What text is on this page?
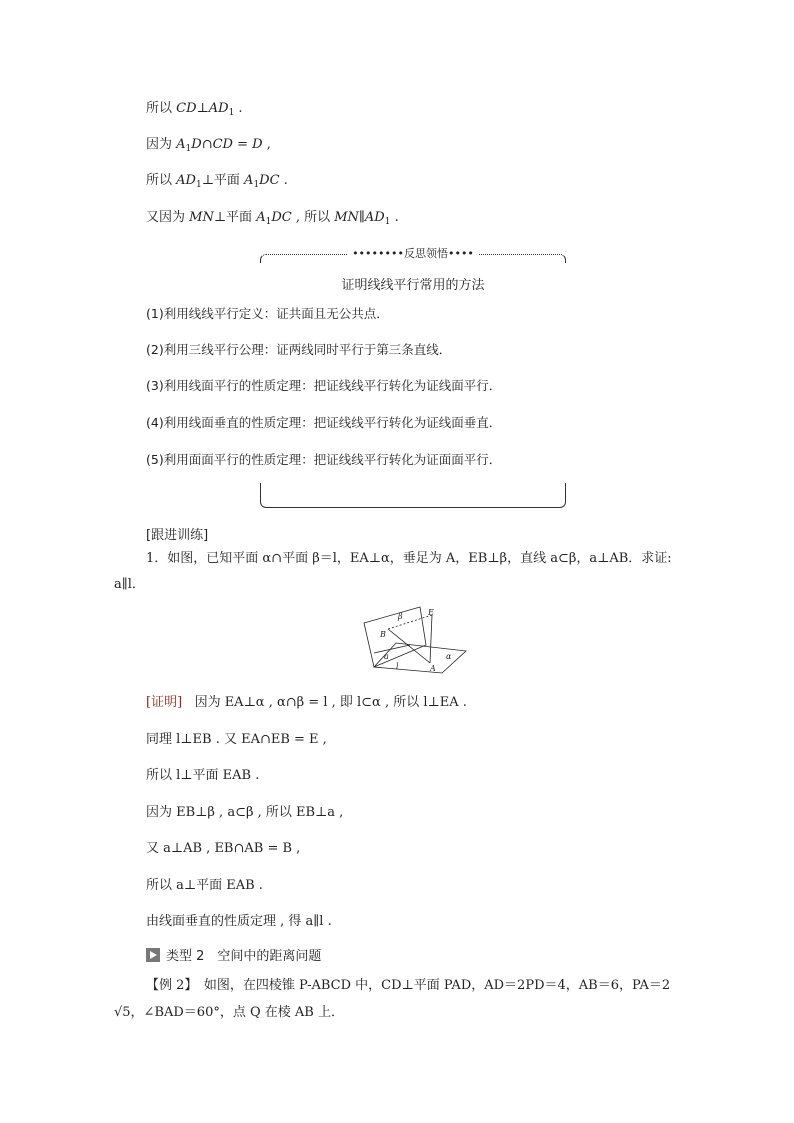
所以 $CD\perp AD_1$ .
因为 $A_1D\cap CD = D$ ,
所以 $AD_1\perp$平面 $A_1DC$ .
又因为 MN⊥平面 $A_1DC$ , 所以 $MN\parallel AD_1$ .
••••••••反思领悟••••
证明线线平行常用的方法
(1)利用线线平行定义：证共面且无公共点．
(2)利用三线平行公理：证两线同时平行于第三条直线．
(3)利用线面平行的性质定理：把证线线平行转化为证线面平行．
(4)利用线面垂直的性质定理：把证线线平行转化为证线面垂直．
(5)利用面面平行的性质定理：把证线线平行转化为证面面平行．
[跟进训练]
1．如图，已知平面 α∩平面 β＝l，EA⊥α，垂足为 A，EB⊥β，直线 a⊂β，a⊥AB．求证:
a∥l．
β	E
B
α
a
l	A
[证明] 因为 EA⊥α , α∩β = l , 即 l⊂α , 所以 l⊥EA .
同理 l⊥EB . 又 EA∩EB = E ,
所以 l⊥平面 EAB .
因为 EB⊥β , a⊂β , 所以 EB⊥a ,
又 a⊥AB , EB∩AB = B ,
所以 a⊥平面 EAB .
由线面垂直的性质定理 , 得 a∥l .
类型 2　空间中的距离问题
【例 2】　如图，在四棱锥 P-ABCD 中，CD⊥平面 PAD，AD＝2PD＝4，AB＝6，PA＝2
√5，∠BAD＝60°，点 Q 在棱 AB 上．
